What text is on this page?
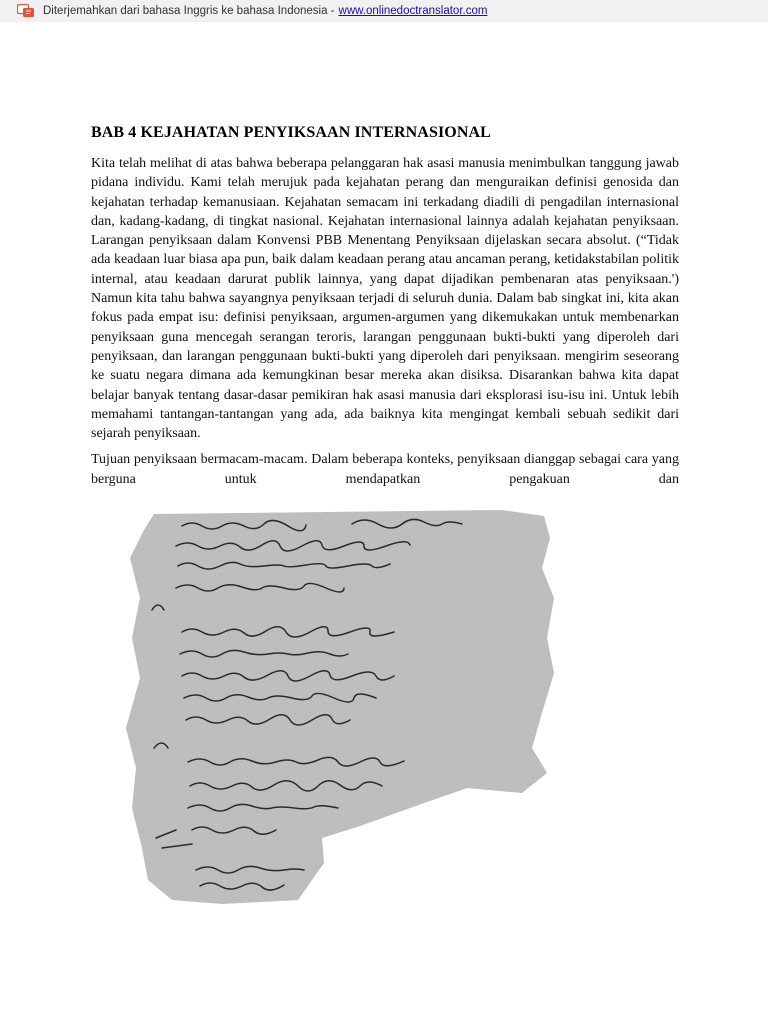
Diterjemahkan dari bahasa Inggris ke bahasa Indonesia - www.onlinedoctranslator.com
BAB 4 KEJAHATAN PENYIKSAAN INTERNASIONAL

Kita telah melihat di atas bahwa beberapa pelanggaran hak asasi manusia menimbulkan tanggung jawab pidana individu. Kami telah merujuk pada kejahatan perang dan menguraikan definisi genosida dan kejahatan terhadap kemanusiaan. Kejahatan semacam ini terkadang diadili di pengadilan internasional dan, kadang-kadang, di tingkat nasional. Kejahatan internasional lainnya adalah kejahatan penyiksaan. Larangan penyiksaan dalam Konvensi PBB Menentang Penyiksaan dijelaskan secara absolut. (“Tidak ada keadaan luar biasa apa pun, baik dalam keadaan perang atau ancaman perang, ketidakstabilan politik internal, atau keadaan darurat publik lainnya, yang dapat dijadikan pembenaran atas penyiksaan.') Namun kita tahu bahwa sayangnya penyiksaan terjadi di seluruh dunia. Dalam bab singkat ini, kita akan fokus pada empat isu: definisi penyiksaan, argumen-argumen yang dikemukakan untuk membenarkan penyiksaan guna mencegah serangan teroris, larangan penggunaan bukti-bukti yang diperoleh dari penyiksaan, dan larangan penggunaan bukti-bukti yang diperoleh dari penyiksaan. mengirim seseorang ke suatu negara dimana ada kemungkinan besar mereka akan disiksa. Disarankan bahwa kita dapat belajar banyak tentang dasar-dasar pemikiran hak asasi manusia dari eksplorasi isu-isu ini. Untuk lebih memahami tantangan-tantangan yang ada, ada baiknya kita mengingat kembali sebuah sedikit dari sejarah penyiksaan.

Tujuan penyiksaan bermacam-macam. Dalam beberapa konteks, penyiksaan dianggap sebagai cara yang berguna untuk mendapatkan pengakuan dan
